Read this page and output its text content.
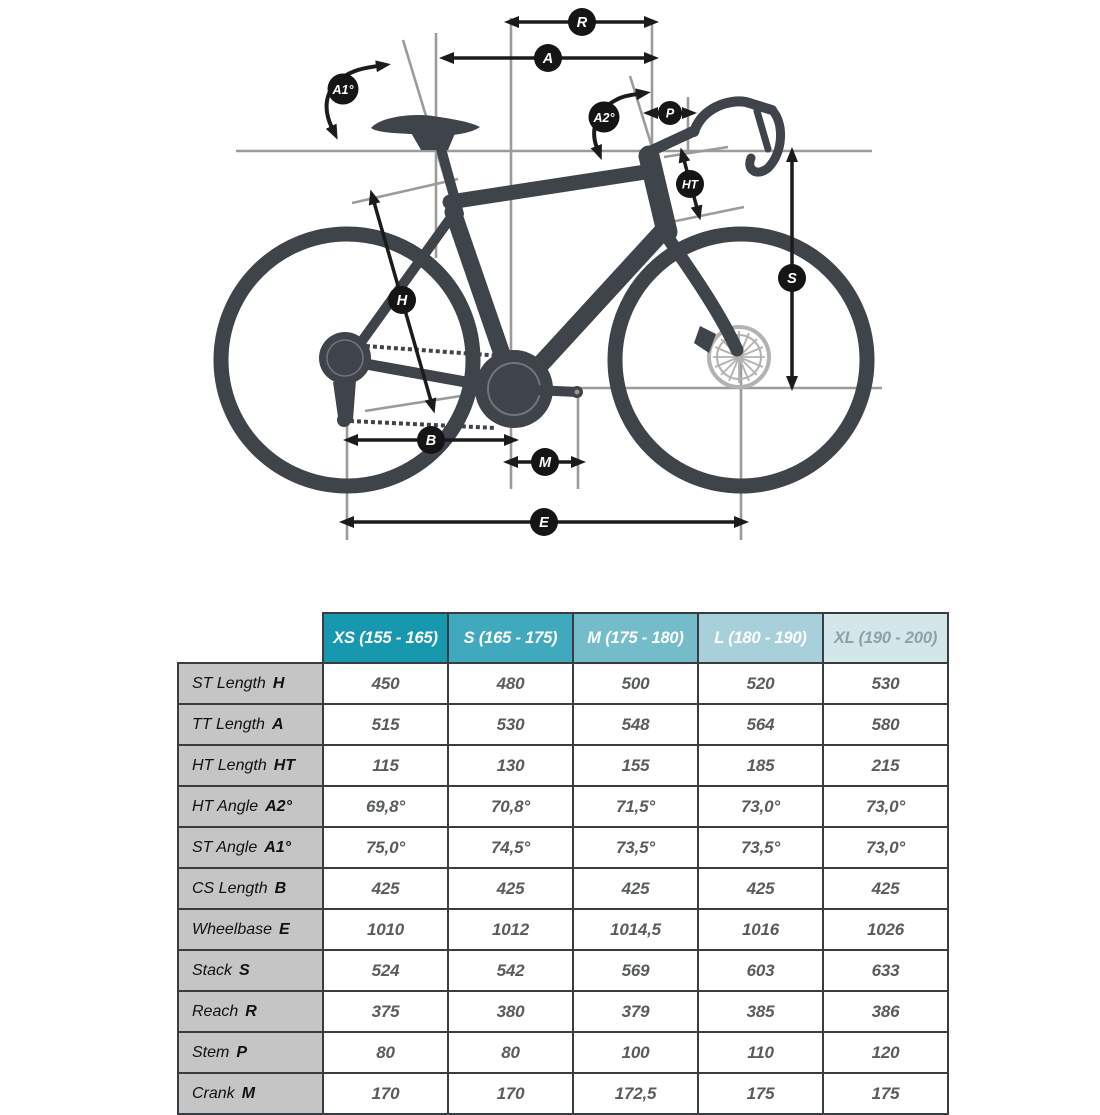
R
A
A1°
A2°	P
HT
S
H
B
M
E
	XS (155 - 165)	S (165 - 175)	M (175 - 180)	L (180 - 190)	XL (190 - 200)
ST Length H	450	480	500	520	530
TT Length A	515	530	548	564	580
HT Length HT	115	130	155	185	215
HT Angle A2°	69,8°	70,8°	71,5°	73,0°	73,0°
ST Angle A1°	75,0°	74,5°	73,5°	73,5°	73,0°
CS Length B	425	425	425	425	425
Wheelbase E	1010	1012	1014,5	1016	1026
Stack S	524	542	569	603	633
Reach R	375	380	379	385	386
Stem P	80	80	100	110	120
Crank M	170	170	172,5	175	175
